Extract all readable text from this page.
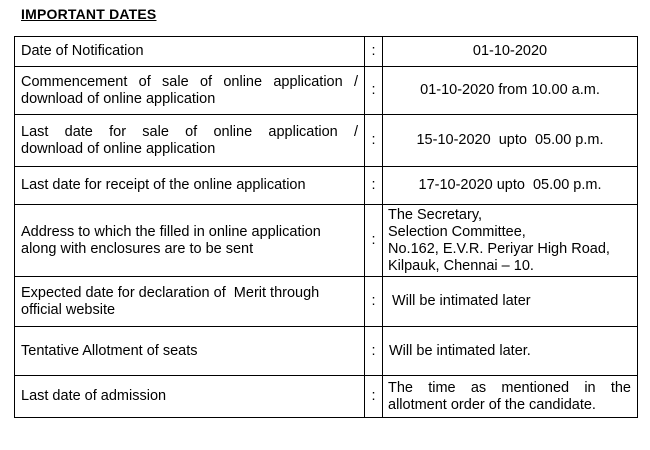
IMPORTANT DATES
Date of Notification	:	01-10-2020

Commencement of sale of online application /
download of online application	:	01-10-2020 from 10.00 a.m.

Last date for sale of online application /
download of online application	:	15-10-2020  upto  05.00 p.m.
Last date for receipt of the online application	:	17-10-2020 upto  05.00 p.m.

Address to which the filled in online application
along with enclosures are to be sent	:	The Secretary,
Selection Committee,
No.162, E.V.R. Periyar High Road,
Kilpauk, Chennai – 10.

Expected date for declaration of  Merit through
official website	:	Will be intimated later
Tentative Allotment of seats	:	Will be intimated later.
Last date of admission	:	The time as mentioned in the
allotment order of the candidate.
